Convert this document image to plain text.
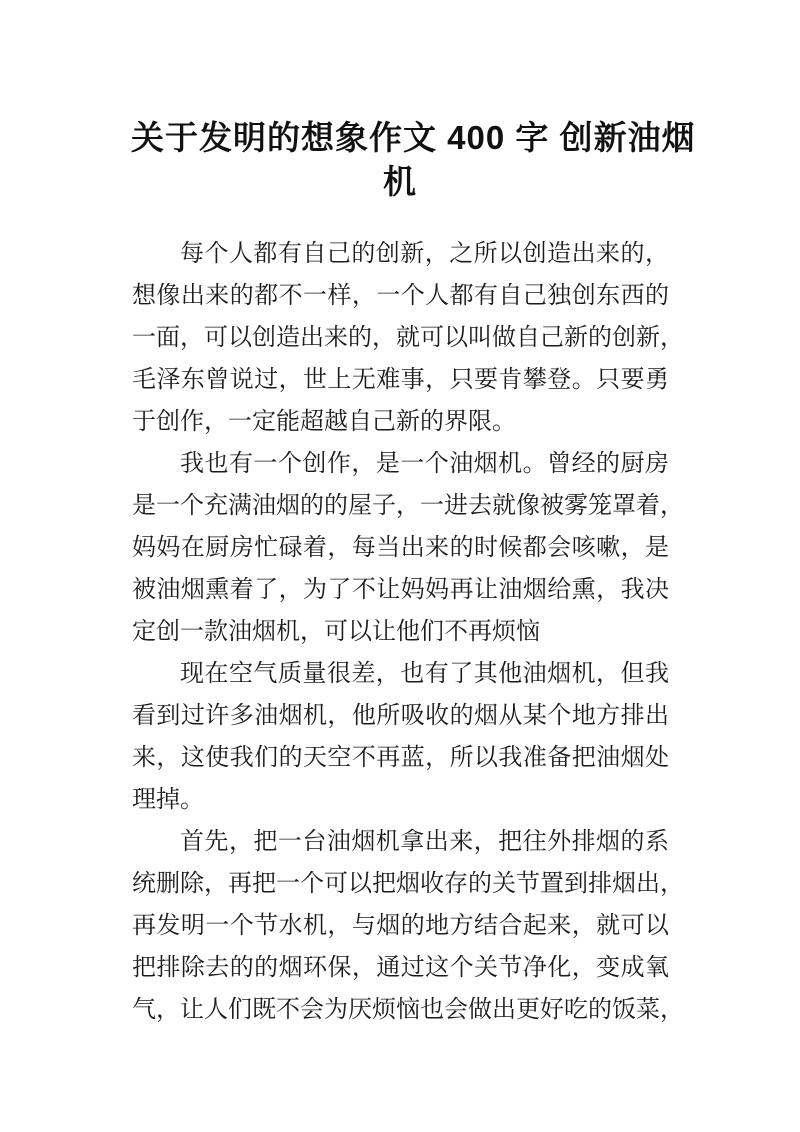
关于发明的想象作文 400 字 创新油烟
机
每个人都有自己的创新，之所以创造出来的，
想像出来的都不一样，一个人都有自己独创东西的
一面，可以创造出来的，就可以叫做自己新的创新，
毛泽东曾说过，世上无难事，只要肯攀登。只要勇
于创作，一定能超越自己新的界限。
我也有一个创作，是一个油烟机。曾经的厨房
是一个充满油烟的的屋子，一进去就像被雾笼罩着，
妈妈在厨房忙碌着，每当出来的时候都会咳嗽，是
被油烟熏着了，为了不让妈妈再让油烟给熏，我决
定创一款油烟机，可以让他们不再烦恼
现在空气质量很差，也有了其他油烟机，但我
看到过许多油烟机，他所吸收的烟从某个地方排出
来，这使我们的天空不再蓝，所以我准备把油烟处
理掉。
首先，把一台油烟机拿出来，把往外排烟的系
统删除，再把一个可以把烟收存的关节置到排烟出，
再发明一个节水机，与烟的地方结合起来，就可以
把排除去的的烟环保，通过这个关节净化，变成氧
气，让人们既不会为厌烦恼也会做出更好吃的饭菜，
